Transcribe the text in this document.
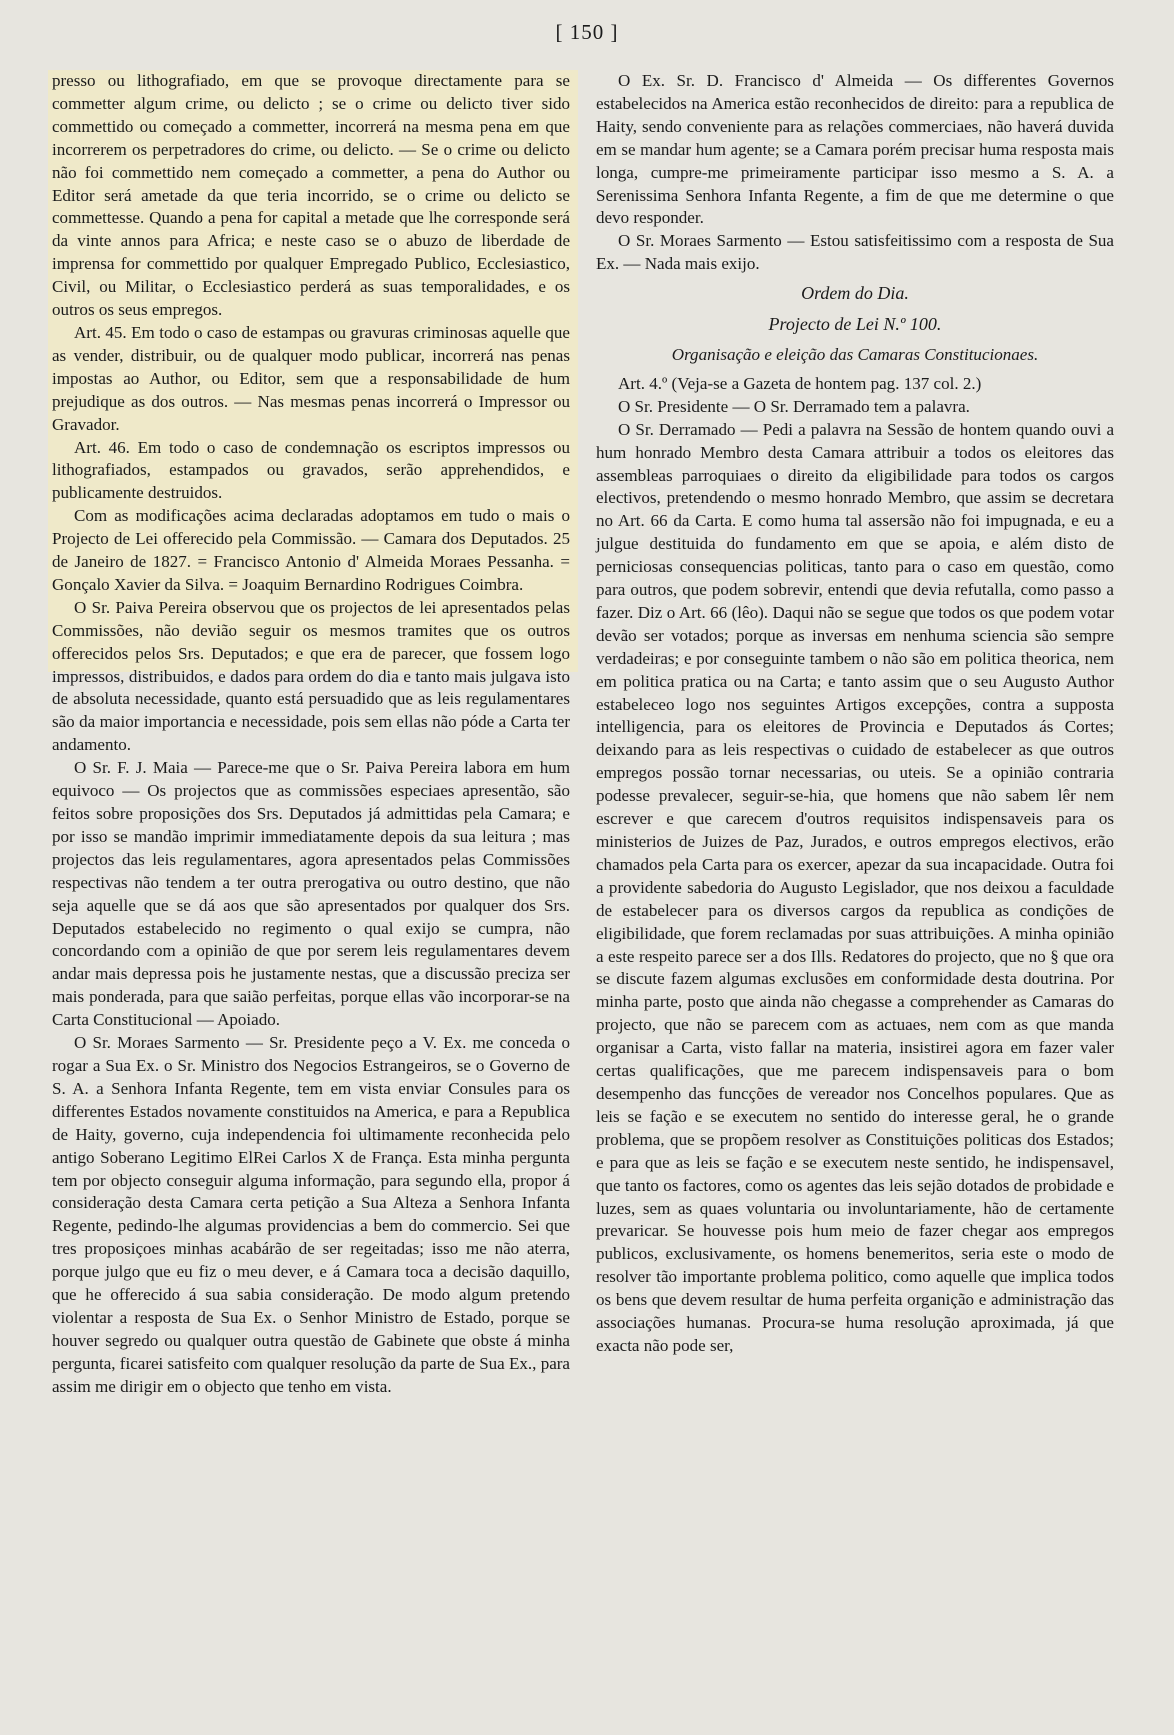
[ 150 ]

presso ou lithografiado, em que se provoque directamente para se commetter algum crime, ou delicto ; se o crime ou delicto tiver sido commettido ou começado a commetter, incorrerá na mesma pena em que incorrerem os perpetradores do crime, ou delicto. — Se o crime ou delicto não foi commettido nem começado a commetter, a pena do Author ou Editor será ametade da que teria incorrido, se o crime ou delicto se commettesse. Quando a pena for capital a metade que lhe corresponde será da vinte annos para Africa; e neste caso se o abuzo de liberdade de imprensa for commettido por qualquer Empregado Publico, Ecclesiastico, Civil, ou Militar, o Ecclesiastico perderá as suas temporalidades, e os outros os seus empregos.

Art. 45. Em todo o caso de estampas ou gravuras criminosas aquelle que as vender, distribuir, ou de qualquer modo publicar, incorrerá nas penas impostas ao Author, ou Editor, sem que a responsabilidade de hum prejudique as dos outros. — Nas mesmas penas incorrerá o Impressor ou Gravador.

Art. 46. Em todo o caso de condemnação os escriptos impressos ou lithografiados, estampados ou gravados, serão apprehendidos, e publicamente destruidos.

Com as modificações acima declaradas adoptamos em tudo o mais o Projecto de Lei offerecido pela Commissão. — Camara dos Deputados. 25 de Janeiro de 1827. = Francisco Antonio d' Almeida Moraes Pessanha. = Gonçalo Xavier da Silva. = Joaquim Bernardino Rodrigues Coimbra.

O Sr. Paiva Pereira observou que os projectos de lei apresentados pelas Commissões, não devião seguir os mesmos tramites que os outros offerecidos pelos Srs. Deputados; e que era de parecer, que fossem logo impressos, distribuidos, e dados para ordem do dia e tanto mais julgava isto de absoluta necessidade, quanto está persuadido que as leis regulamentares são da maior importancia e necessidade, pois sem ellas não póde a Carta ter andamento.

O Sr. F. J. Maia — Parece-me que o Sr. Paiva Pereira labora em hum equivoco — Os projectos que as commissões especiaes apresentão, são feitos sobre proposições dos Srs. Deputados já admittidas pela Camara; e por isso se mandão imprimir immediatamente depois da sua leitura ; mas projectos das leis regulamentares, agora apresentados pelas Commissões respectivas não tendem a ter outra prerogativa ou outro destino, que não seja aquelle que se dá aos que são apresentados por qualquer dos Srs. Deputados estabelecido no regimento o qual exijo se cumpra, não concordando com a opinião de que por serem leis regulamentares devem andar mais depressa pois he justamente nestas, que a discussão preciza ser mais ponderada, para que saião perfeitas, porque ellas vão incorporar-se na Carta Constitucional — Apoiado.

O Sr. Moraes Sarmento — Sr. Presidente peço a V. Ex. me conceda o rogar a Sua Ex. o Sr. Ministro dos Negocios Estrangeiros, se o Governo de S. A. a Senhora Infanta Regente, tem em vista enviar Consules para os differentes Estados novamente constituidos na America, e para a Republica de Haity, governo, cuja independencia foi ultimamente reconhecida pelo antigo Soberano Legitimo ElRei Carlos X de França. Esta minha pergunta tem por objecto conseguir alguma informação, para segundo ella, propor á consideração desta Camara certa petição a Sua Alteza a Senhora Infanta Regente, pedindo-lhe algumas providencias a bem do commercio. Sei que tres proposiçoes minhas acabárão de ser regeitadas; isso me não aterra, porque julgo que eu fiz o meu dever, e á Camara toca a decisão daquillo, que he offerecido á sua sabia consideração. De modo algum pretendo violentar a resposta de Sua Ex. o Senhor Ministro de Estado, porque se houver segredo ou qualquer outra questão de Gabinete que obste á minha pergunta, ficarei satisfeito com qualquer resolução da parte de Sua Ex., para assim me dirigir em o objecto que tenho em vista.

O Ex. Sr. D. Francisco d' Almeida — Os differentes Governos estabelecidos na America estão reconhecidos de direito: para a republica de Haity, sendo conveniente para as relações commerciaes, não haverá duvida em se mandar hum agente; se a Camara porém precisar huma resposta mais longa, cumpre-me primeiramente participar isso mesmo a S. A. a Serenissima Senhora Infanta Regente, a fim de que me determine o que devo responder.

O Sr. Moraes Sarmento — Estou satisfeitissimo com a resposta de Sua Ex. — Nada mais exijo.

Ordem do Dia.

Projecto de Lei N.º 100.

Organisação e eleição das Camaras Constitucionaes.

Art. 4.º (Veja-se a Gazeta de hontem pag. 137 col. 2.)

O Sr. Presidente — O Sr. Derramado tem a palavra.

O Sr. Derramado — Pedi a palavra na Sessão de hontem quando ouvi a hum honrado Membro desta Camara attribuir a todos os eleitores das assembleas parroquiaes o direito da eligibilidade para todos os cargos electivos, pretendendo o mesmo honrado Membro, que assim se decretara no Art. 66 da Carta. E como huma tal assersão não foi impugnada, e eu a julgue destituida do fundamento em que se apoia, e além disto de perniciosas consequencias politicas, tanto para o caso em questão, como para outros, que podem sobrevir, entendi que devia refutalla, como passo a fazer. Diz o Art. 66 (lêo). Daqui não se segue que todos os que podem votar devão ser votados; porque as inversas em nenhuma sciencia são sempre verdadeiras; e por conseguinte tambem o não são em politica theorica, nem em politica pratica ou na Carta; e tanto assim que o seu Augusto Author estabeleceo logo nos seguintes Artigos excepções, contra a supposta intelligencia, para os eleitores de Provincia e Deputados ás Cortes; deixando para as leis respectivas o cuidado de estabelecer as que outros empregos possão tornar necessarias, ou uteis. Se a opinião contraria podesse prevalecer, seguir-se-hia, que homens que não sabem lêr nem escrever e que carecem d'outros requisitos indispensaveis para os ministerios de Juizes de Paz, Jurados, e outros empregos electivos, erão chamados pela Carta para os exercer, apezar da sua incapacidade. Outra foi a providente sabedoria do Augusto Legislador, que nos deixou a faculdade de estabelecer para os diversos cargos da republica as condições de eligibilidade, que forem reclamadas por suas attribuições. A minha opinião a este respeito parece ser a dos Ills. Redatores do projecto, que no § que ora se discute fazem algumas exclusões em conformidade desta doutrina. Por minha parte, posto que ainda não chegasse a comprehender as Camaras do projecto, que não se parecem com as actuaes, nem com as que manda organisar a Carta, visto fallar na materia, insistirei agora em fazer valer certas qualificações, que me parecem indispensaveis para o bom desempenho das funcções de vereador nos Concelhos populares. Que as leis se fação e se executem no sentido do interesse geral, he o grande problema, que se propõem resolver as Constituições politicas dos Estados; e para que as leis se fação e se executem neste sentido, he indispensavel, que tanto os factores, como os agentes das leis sejão dotados de probidade e luzes, sem as quaes voluntaria ou involuntariamente, hão de certamente prevaricar. Se houvesse pois hum meio de fazer chegar aos empregos publicos, exclusivamente, os homens benemeritos, seria este o modo de resolver tão importante problema politico, como aquelle que implica todos os bens que devem resultar de huma perfeita organição e administração das associações humanas. Procura-se huma resolução aproximada, já que exacta não pode ser,
